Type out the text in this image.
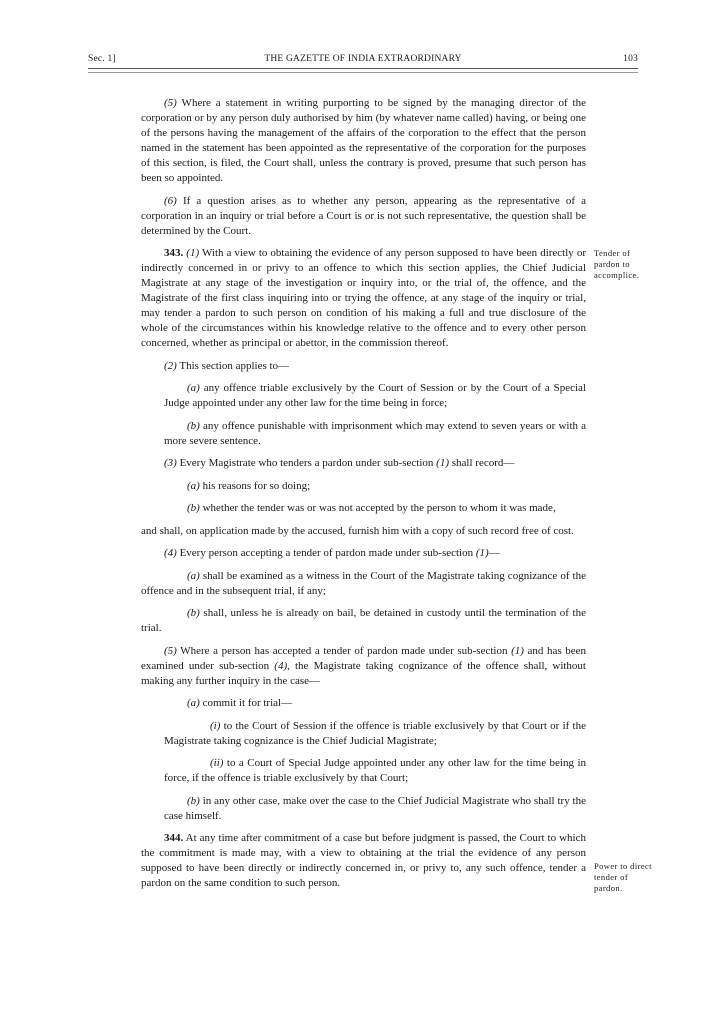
Sec. 1]	THE GAZETTE OF INDIA EXTRAORDINARY	103

(5) Where a statement in writing purporting to be signed by the managing director of the corporation or by any person duly authorised by him (by whatever name called) having, or being one of the persons having the management of the affairs of the corporation to the effect that the person named in the statement has been appointed as the representative of the corporation for the purposes of this section, is filed, the Court shall, unless the contrary is proved, presume that such person has been so appointed.

(6) If a question arises as to whether any person, appearing as the representative of a corporation in an inquiry or trial before a Court is or is not such representative, the question shall be determined by the Court.

343. (1) With a view to obtaining the evidence of any person supposed to have been directly or indirectly concerned in or privy to an offence to which this section applies, the Chief Judicial Magistrate at any stage of the investigation or inquiry into, or the trial of, the offence, and the Magistrate of the first class inquiring into or trying the offence, at any stage of the inquiry or trial, may tender a pardon to such person on condition of his making a full and true disclosure of the whole of the circumstances within his knowledge relative to the offence and to every other person concerned, whether as principal or abettor, in the commission thereof.

(2) This section applies to—

(a) any offence triable exclusively by the Court of Session or by the Court of a Special Judge appointed under any other law for the time being in force;

(b) any offence punishable with imprisonment which may extend to seven years or with a more severe sentence.

(3) Every Magistrate who tenders a pardon under sub-section (1) shall record—

(a) his reasons for so doing;

(b) whether the tender was or was not accepted by the person to whom it was made,

and shall, on application made by the accused, furnish him with a copy of such record free of cost.

(4) Every person accepting a tender of pardon made under sub-section (1)—

(a) shall be examined as a witness in the Court of the Magistrate taking cognizance of the offence and in the subsequent trial, if any;

(b) shall, unless he is already on bail, be detained in custody until the termination of the trial.

(5) Where a person has accepted a tender of pardon made under sub-section (1) and has been examined under sub-section (4), the Magistrate taking cognizance of the offence shall, without making any further inquiry in the case—

(a) commit it for trial—

(i) to the Court of Session if the offence is triable exclusively by that Court or if the Magistrate taking cognizance is the Chief Judicial Magistrate;

(ii) to a Court of Special Judge appointed under any other law for the time being in force, if the offence is triable exclusively by that Court;

(b) in any other case, make over the case to the Chief Judicial Magistrate who shall try the case himself.

344. At any time after commitment of a case but before judgment is passed, the Court to which the commitment is made may, with a view to obtaining at the trial the evidence of any person supposed to have been directly or indirectly concerned in, or privy to, any such offence, tender a pardon on the same condition to such person.

Tender of pardon to accomplice.
Power to direct tender of pardon.
